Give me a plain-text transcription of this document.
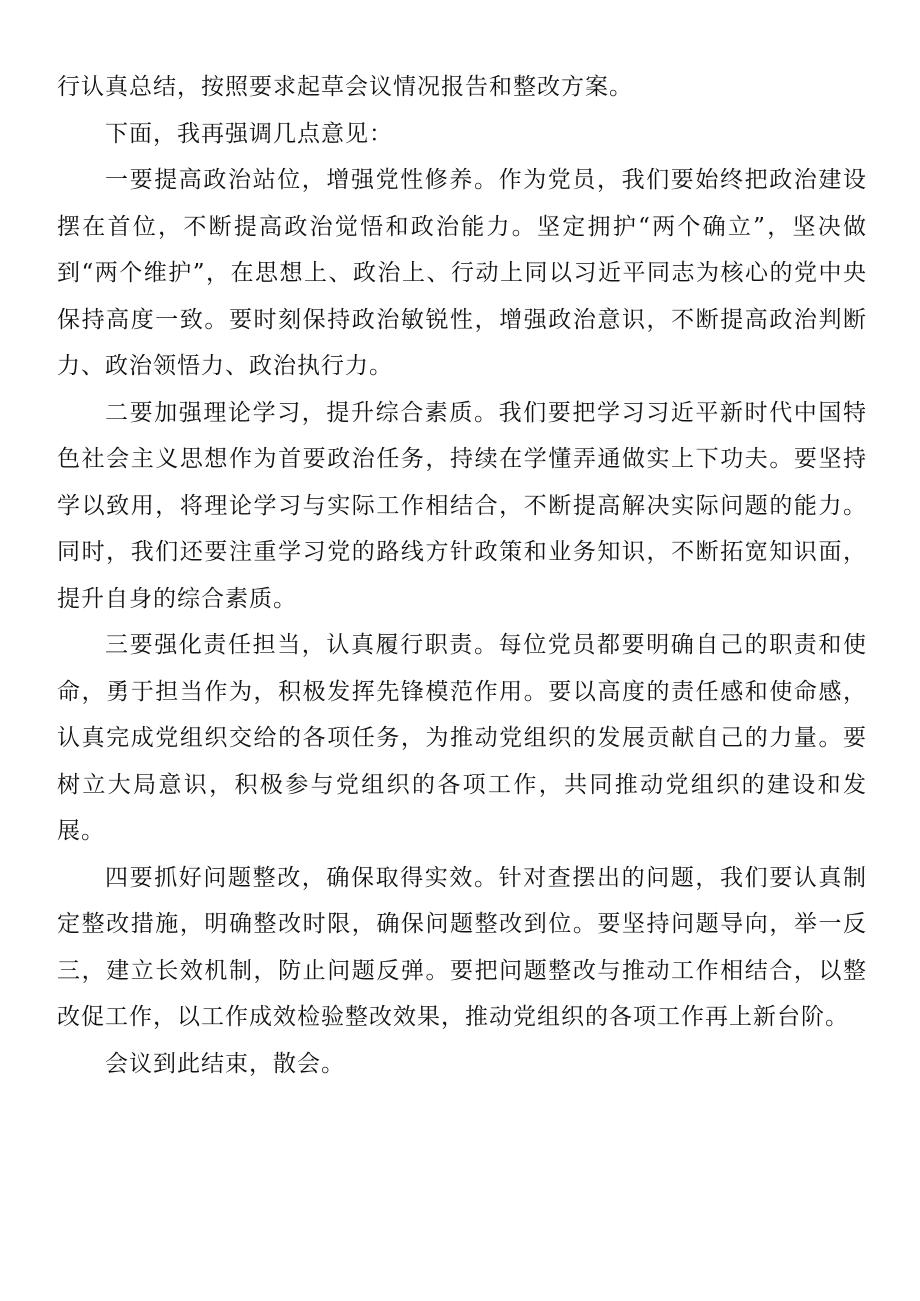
行认真总结，按照要求起草会议情况报告和整改方案。

下面，我再强调几点意见：

一要提高政治站位，增强党性修养。作为党员，我们要始终把政治建设摆在首位，不断提高政治觉悟和政治能力。坚定拥护“两个确立”，坚决做到“两个维护”，在思想上、政治上、行动上同以习近平同志为核心的党中央保持高度一致。要时刻保持政治敏锐性，增强政治意识，不断提高政治判断力、政治领悟力、政治执行力。

二要加强理论学习，提升综合素质。我们要把学习习近平新时代中国特色社会主义思想作为首要政治任务，持续在学懂弄通做实上下功夫。要坚持学以致用，将理论学习与实际工作相结合，不断提高解决实际问题的能力。同时，我们还要注重学习党的路线方针政策和业务知识，不断拓宽知识面，提升自身的综合素质。

三要强化责任担当，认真履行职责。每位党员都要明确自己的职责和使命，勇于担当作为，积极发挥先锋模范作用。要以高度的责任感和使命感，认真完成党组织交给的各项任务，为推动党组织的发展贡献自己的力量。要树立大局意识，积极参与党组织的各项工作，共同推动党组织的建设和发展。

四要抓好问题整改，确保取得实效。针对查摆出的问题，我们要认真制定整改措施，明确整改时限，确保问题整改到位。要坚持问题导向，举一反三，建立长效机制，防止问题反弹。要把问题整改与推动工作相结合，以整改促工作，以工作成效检验整改效果，推动党组织的各项工作再上新台阶。

会议到此结束，散会。
